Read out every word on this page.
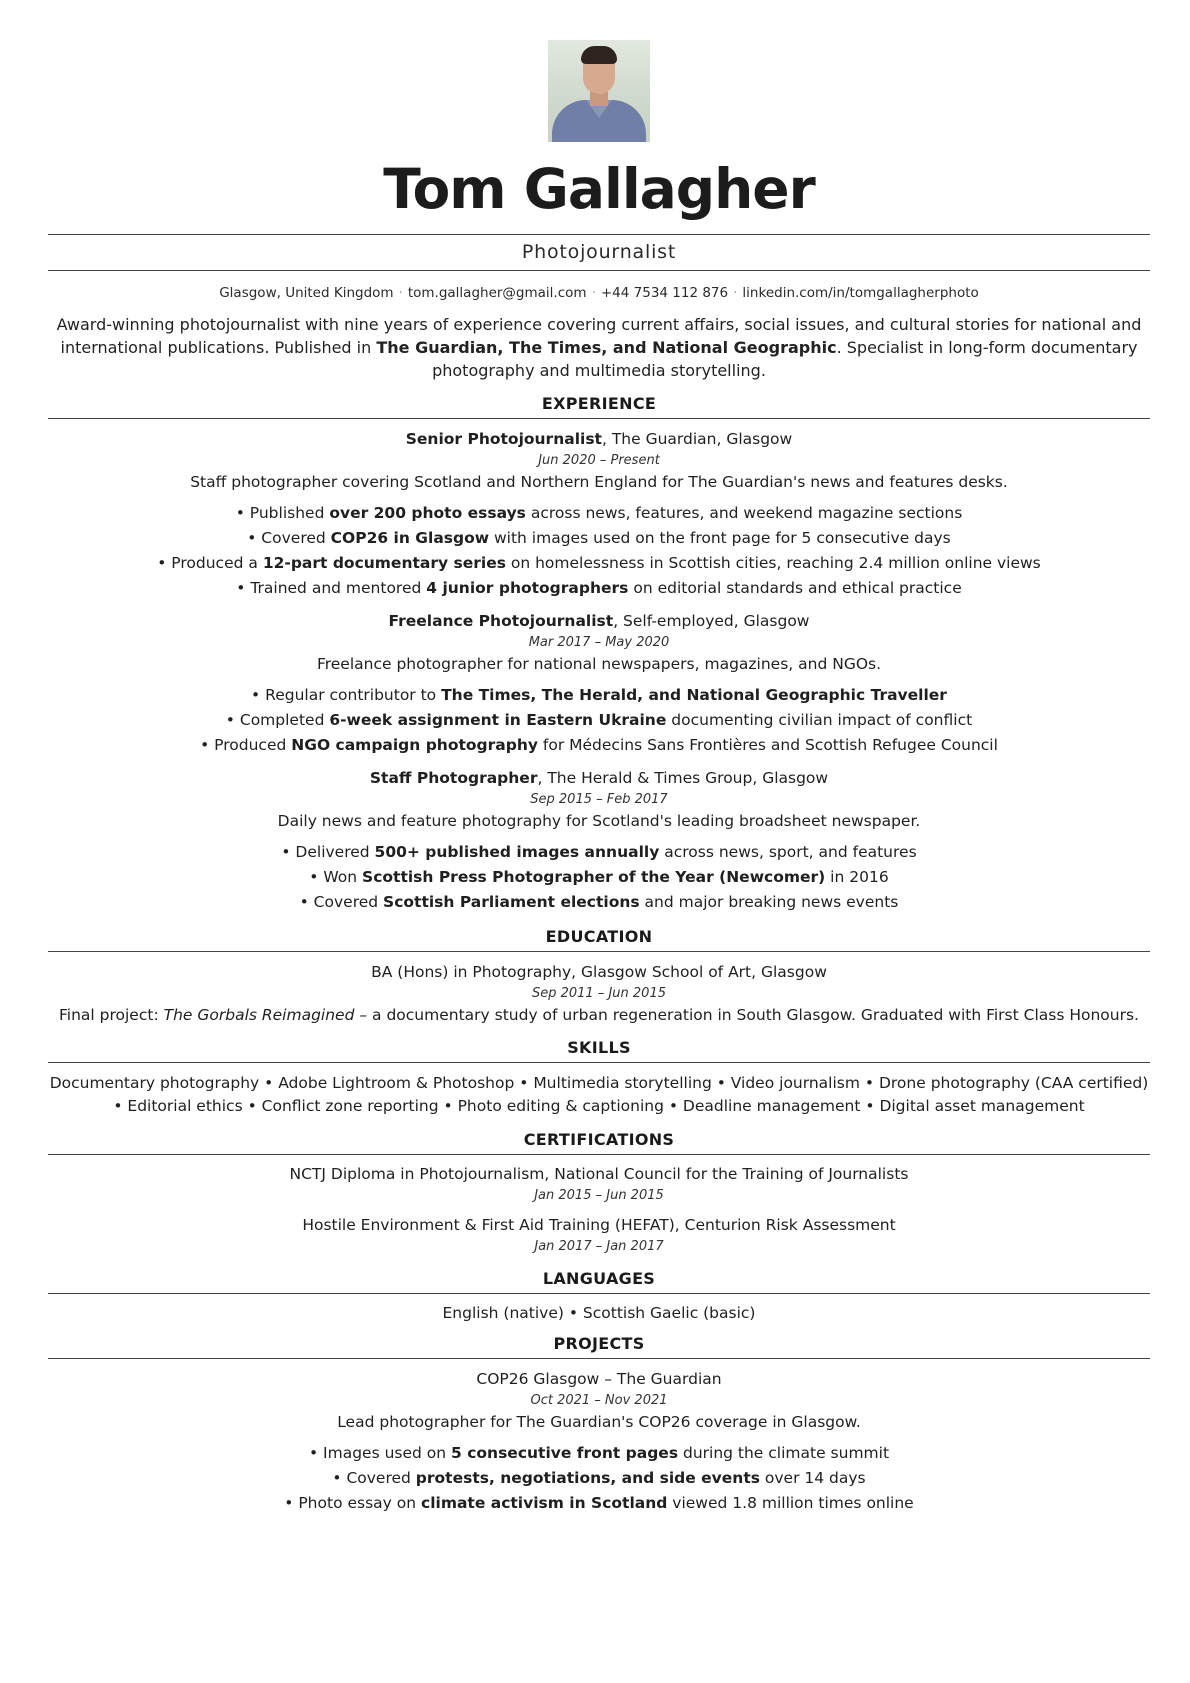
Tom Gallagher
Photojournalist
Glasgow, United Kingdom · tom.gallagher@gmail.com · +44 7534 112 876 · linkedin.com/in/tomgallagherphoto
Award-winning photojournalist with nine years of experience covering current affairs, social issues, and cultural stories for national and international publications. Published in The Guardian, The Times, and National Geographic. Specialist in long-form documentary photography and multimedia storytelling.
EXPERIENCE
Senior Photojournalist, The Guardian, Glasgow
Jun 2020 – Present
Staff photographer covering Scotland and Northern England for The Guardian's news and features desks.
• Published over 200 photo essays across news, features, and weekend magazine sections
• Covered COP26 in Glasgow with images used on the front page for 5 consecutive days
• Produced a 12-part documentary series on homelessness in Scottish cities, reaching 2.4 million online views
• Trained and mentored 4 junior photographers on editorial standards and ethical practice
Freelance Photojournalist, Self-employed, Glasgow
Mar 2017 – May 2020
Freelance photographer for national newspapers, magazines, and NGOs.
• Regular contributor to The Times, The Herald, and National Geographic Traveller
• Completed 6-week assignment in Eastern Ukraine documenting civilian impact of conflict
• Produced NGO campaign photography for Médecins Sans Frontières and Scottish Refugee Council
Staff Photographer, The Herald & Times Group, Glasgow
Sep 2015 – Feb 2017
Daily news and feature photography for Scotland's leading broadsheet newspaper.
• Delivered 500+ published images annually across news, sport, and features
• Won Scottish Press Photographer of the Year (Newcomer) in 2016
• Covered Scottish Parliament elections and major breaking news events
EDUCATION
BA (Hons) in Photography, Glasgow School of Art, Glasgow
Sep 2011 – Jun 2015
Final project: The Gorbals Reimagined – a documentary study of urban regeneration in South Glasgow. Graduated with First Class Honours.
SKILLS
Documentary photography • Adobe Lightroom & Photoshop • Multimedia storytelling • Video journalism • Drone photography (CAA certified) • Editorial ethics • Conflict zone reporting • Photo editing & captioning • Deadline management • Digital asset management
CERTIFICATIONS
NCTJ Diploma in Photojournalism, National Council for the Training of Journalists
Jan 2015 – Jun 2015
Hostile Environment & First Aid Training (HEFAT), Centurion Risk Assessment
Jan 2017 – Jan 2017
LANGUAGES
English (native) • Scottish Gaelic (basic)
PROJECTS
COP26 Glasgow – The Guardian
Oct 2021 – Nov 2021
Lead photographer for The Guardian's COP26 coverage in Glasgow.
• Images used on 5 consecutive front pages during the climate summit
• Covered protests, negotiations, and side events over 14 days
• Photo essay on climate activism in Scotland viewed 1.8 million times online
